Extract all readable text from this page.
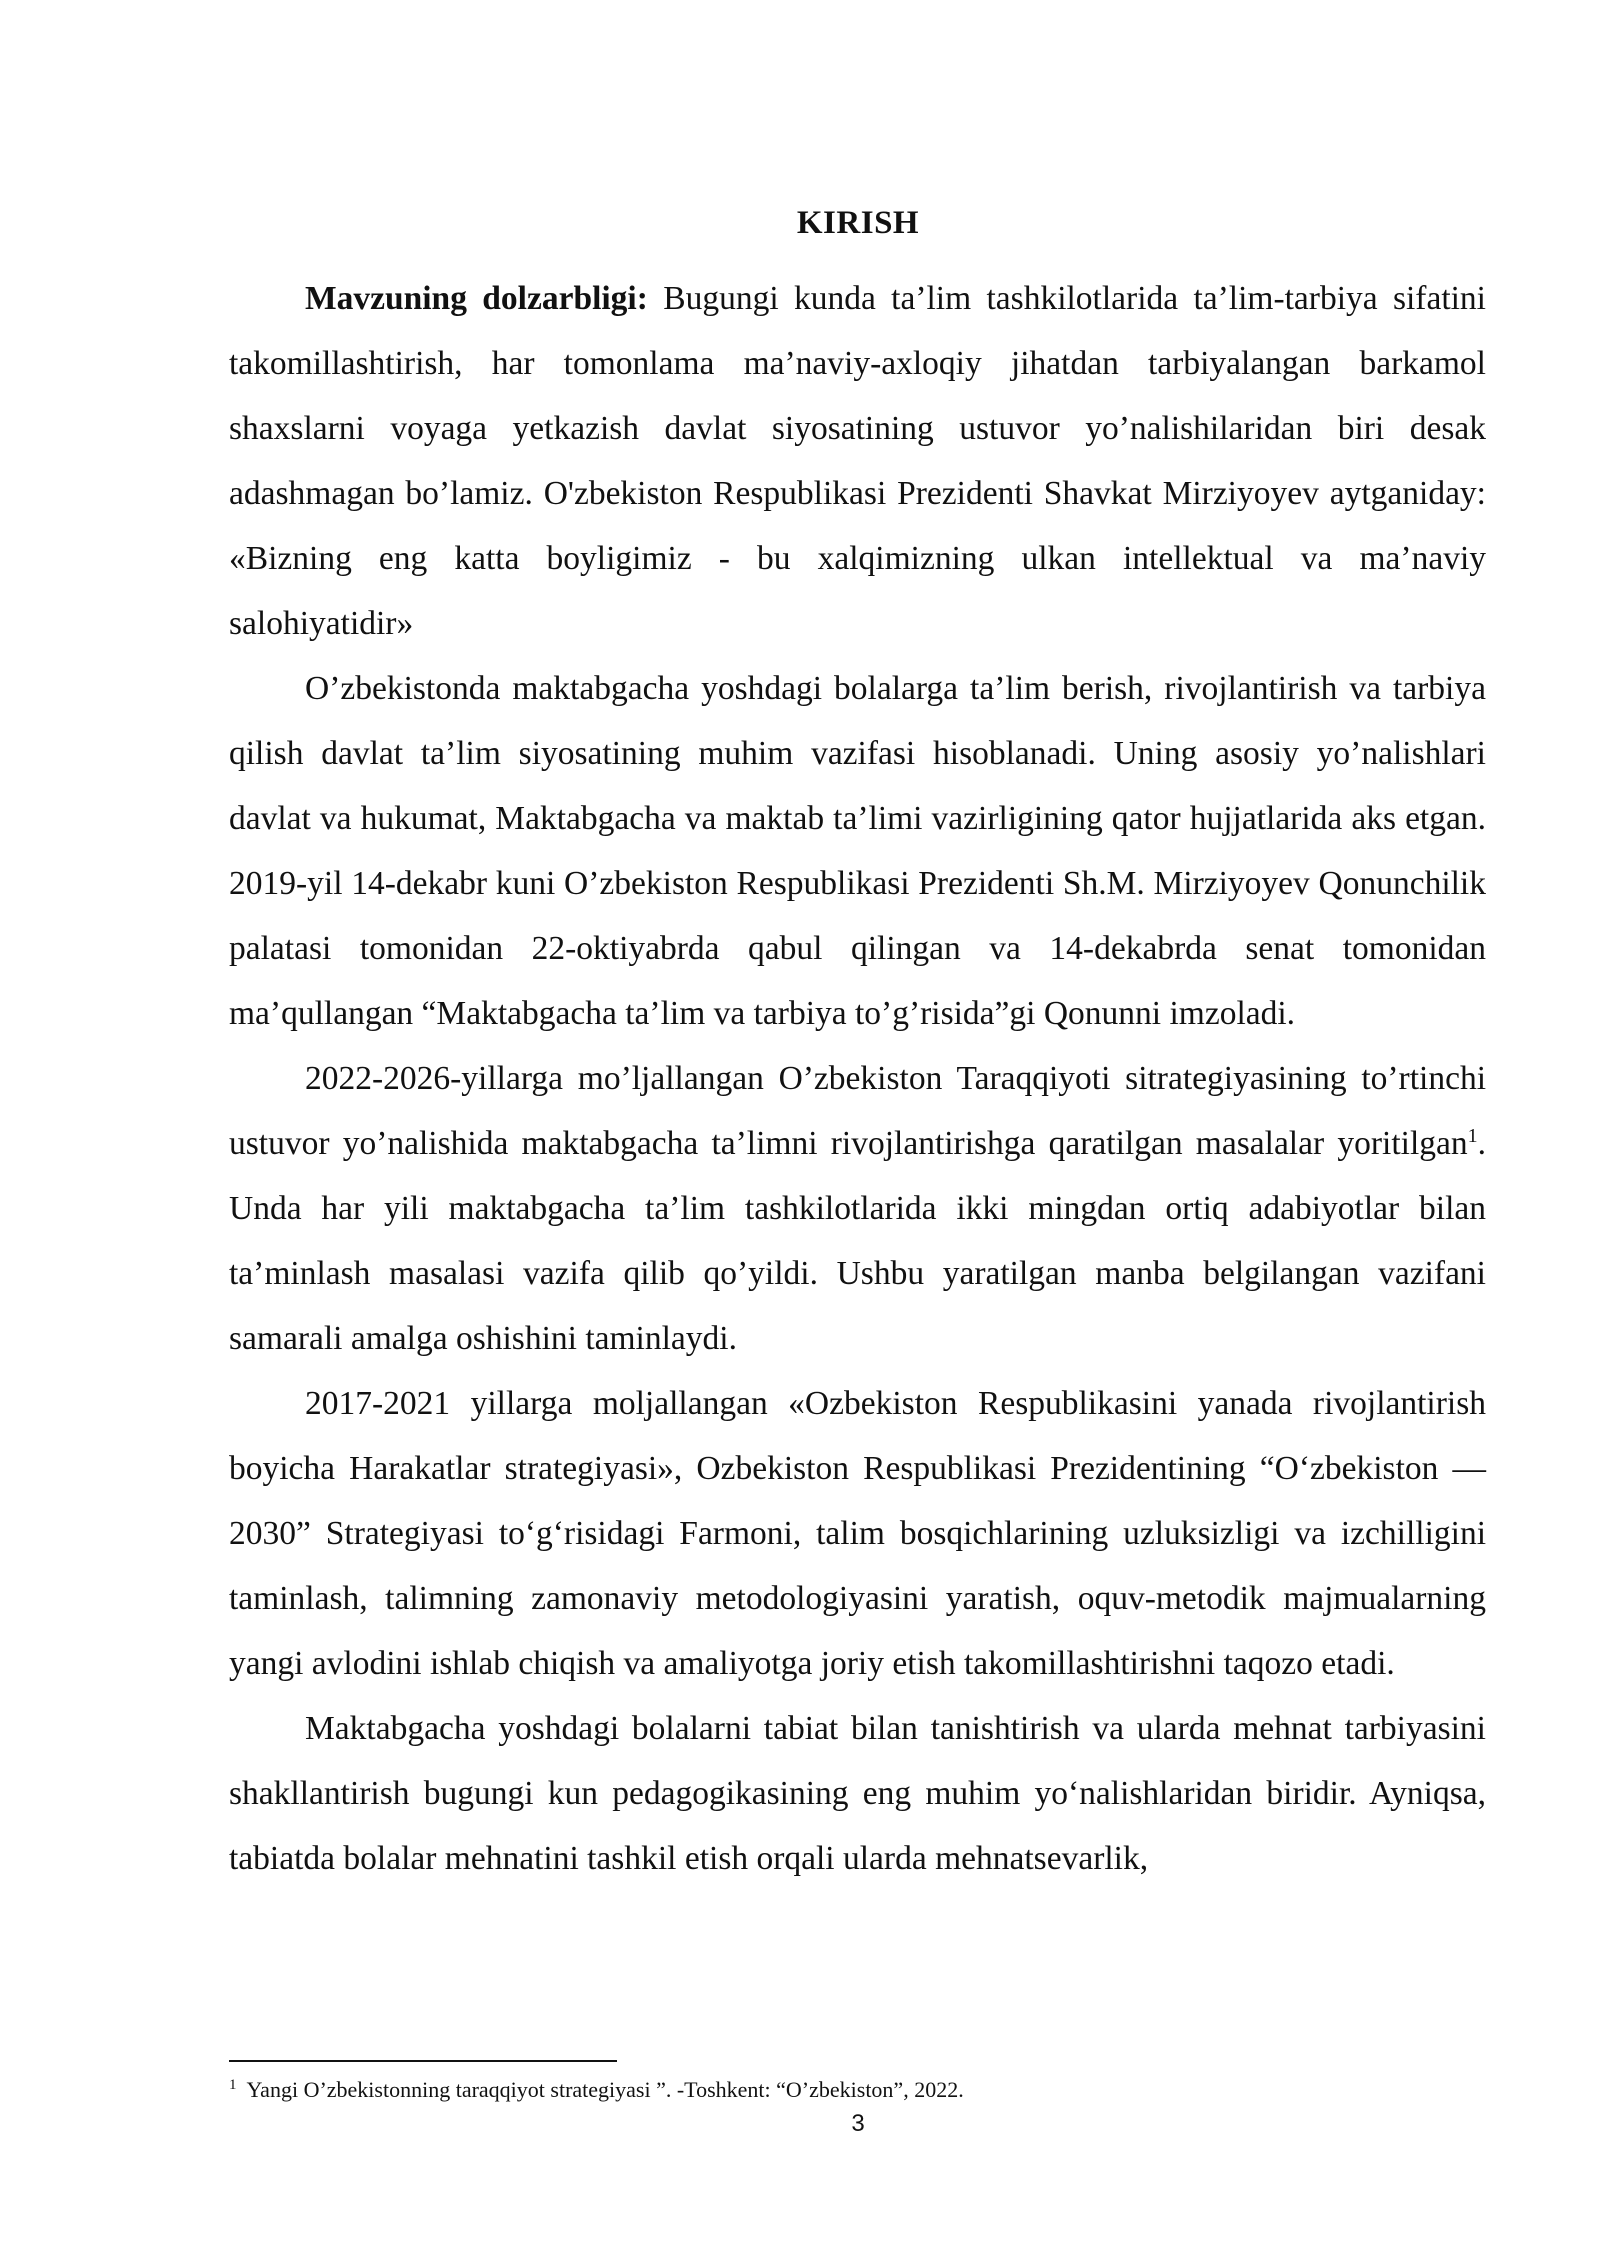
KIRISH

Mavzuning dolzarbligi: Bugungi kunda ta’lim tashkilotlarida ta’lim-tarbiya sifatini takomillashtirish, har tomonlama ma’naviy-axloqiy jihatdan tarbiyalangan barkamol shaxslarni voyaga yetkazish davlat siyosatining ustuvor yo’nalishilaridan biri desak adashmagan bo’lamiz. O'zbekiston Respublikasi Prezidenti Shavkat Mirziyoyev aytganiday: «Bizning eng katta boyligimiz - bu xalqimizning ulkan intellektual va ma’naviy salohiyatidir»

O’zbekistonda maktabgacha yoshdagi bolalarga ta’lim berish, rivojlantirish va tarbiya qilish davlat ta’lim siyosatining muhim vazifasi hisoblanadi. Uning asosiy yo’nalishlari davlat va hukumat, Maktabgacha va maktab ta’limi vazirligining qator hujjatlarida aks etgan. 2019-yil 14-dekabr kuni O’zbekiston Respublikasi Prezidenti Sh.M. Mirziyoyev Qonunchilik palatasi tomonidan 22-oktiyabrda qabul qilingan va 14-dekabrda senat tomonidan ma’qullangan “Maktabgacha ta’lim va tarbiya to’g’risida”gi Qonunni imzoladi.

2022-2026-yillarga mo’ljallangan O’zbekiston Taraqqiyoti sitrategiyasining to’rtinchi ustuvor yo’nalishida maktabgacha ta’limni rivojlantirishga qaratilgan masalalar yoritilgan$^1$. Unda har yili maktabgacha ta’lim tashkilotlarida ikki mingdan ortiq adabiyotlar bilan ta’minlash masalasi vazifa qilib qo’yildi. Ushbu yaratilgan manba belgilangan vazifani samarali amalga oshishini taminlaydi.

2017-2021 yillarga moljallangan «Ozbekiston Respublikasini yanada rivojlantirish boyicha Harakatlar strategiyasi», Ozbekiston Respublikasi Prezidentining “O‘zbekiston — 2030” Strategiyasi to‘g‘risidagi Farmoni, talim bosqichlarining uzluksizligi va izchilligini taminlash, talimning zamonaviy metodologiyasini yaratish, oquv-metodik majmualarning yangi avlodini ishlab chiqish va amaliyotga joriy etish takomillashtirishni taqozo etadi.

Maktabgacha yoshdagi bolalarni tabiat bilan tanishtirish va ularda mehnat tarbiyasini shakllantirish bugungi kun pedagogikasining eng muhim yo‘nalishlaridan biridir. Ayniqsa, tabiatda bolalar mehnatini tashkil etish orqali ularda mehnatsevarlik,

$^1$ Yangi O’zbekistonning taraqqiyot strategiyasi ”. -Toshkent: “O’zbekiston”, 2022.
3
